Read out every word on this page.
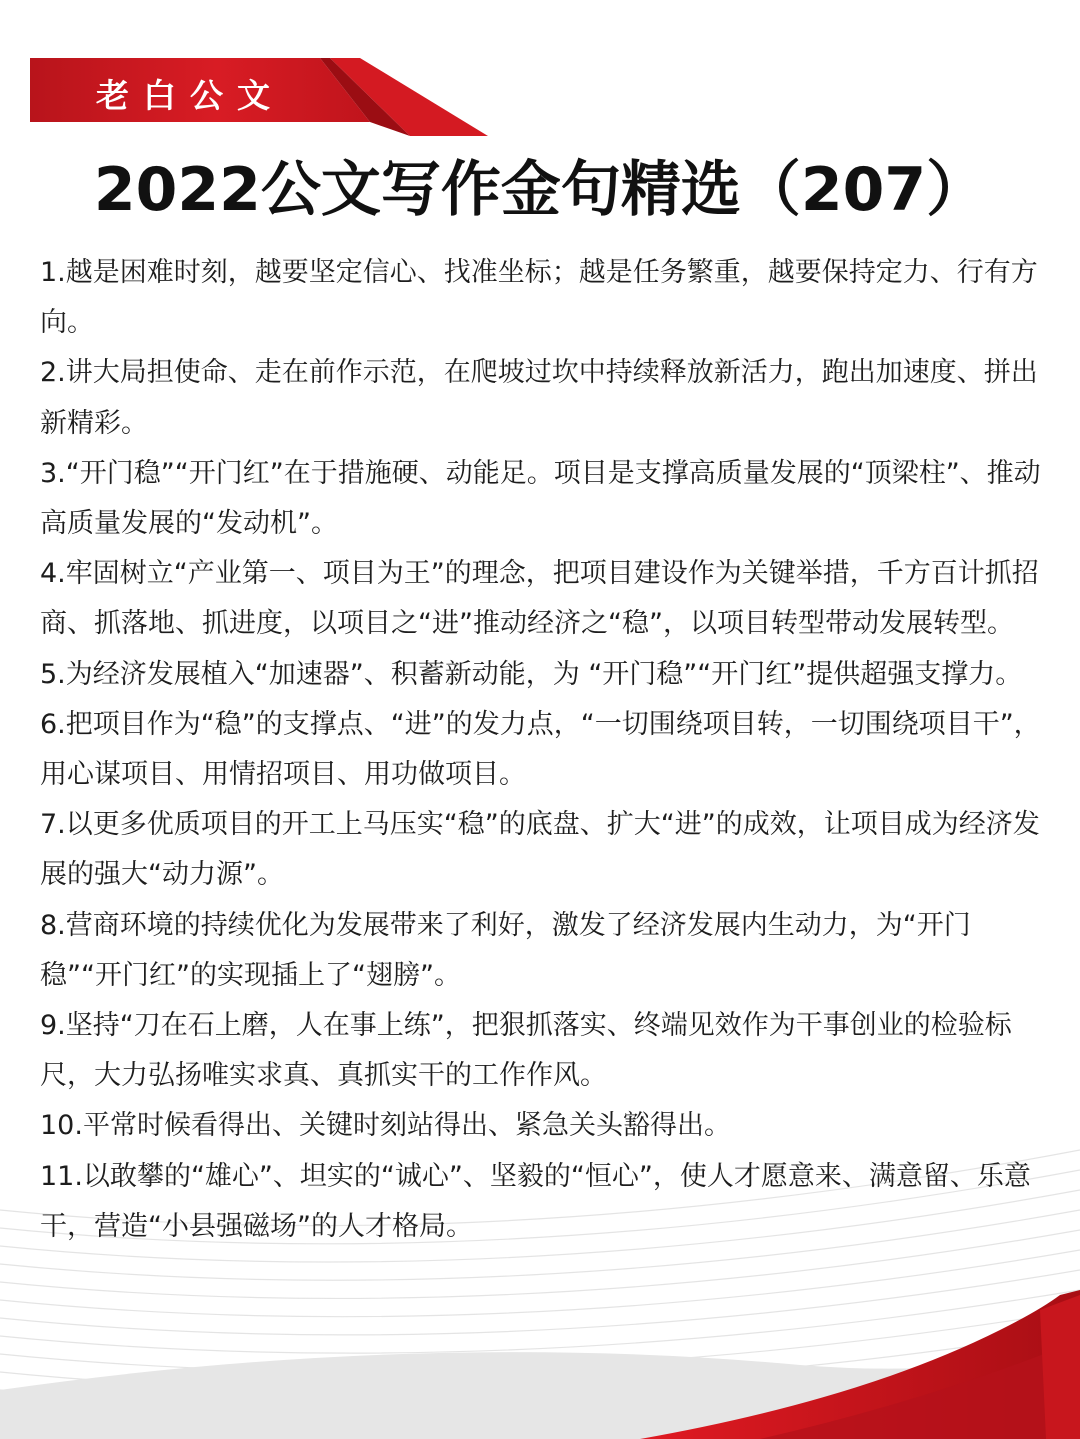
老白公文
2022公文写作金句精选（207）

1.越是困难时刻，越要坚定信心、找准坐标；越是任务繁重，越要保持定力、行有方向。

2.讲大局担使命、走在前作示范，在爬坡过坎中持续释放新活力，跑出加速度、拼出新精彩。

3.“开门稳”“开门红”在于措施硬、动能足。项目是支撑高质量发展的“顶梁柱”、推动高质量发展的“发动机”。

4.牢固树立“产业第一、项目为王”的理念，把项目建设作为关键举措，千方百计抓招商、抓落地、抓进度，以项目之“进”推动经济之“稳”，以项目转型带动发展转型。

5.为经济发展植入“加速器”、积蓄新动能，为 “开门稳”“开门红”提供超强支撑力。

6.把项目作为“稳”的支撑点、“进”的发力点，“一切围绕项目转，一切围绕项目干”，用心谋项目、用情招项目、用功做项目。

7.以更多优质项目的开工上马压实“稳”的底盘、扩大“进”的成效，让项目成为经济发展的强大“动力源”。

8.营商环境的持续优化为发展带来了利好，激发了经济发展内生动力，为“开门稳”“开门红”的实现插上了“翅膀”。

9.坚持“刀在石上磨，人在事上练”，把狠抓落实、终端见效作为干事创业的检验标尺，大力弘扬唯实求真、真抓实干的工作作风。

10.平常时候看得出、关键时刻站得出、紧急关头豁得出。

11.以敢攀的“雄心”、坦实的“诚心”、坚毅的“恒心”，使人才愿意来、满意留、乐意干，营造“小县强磁场”的人才格局。
